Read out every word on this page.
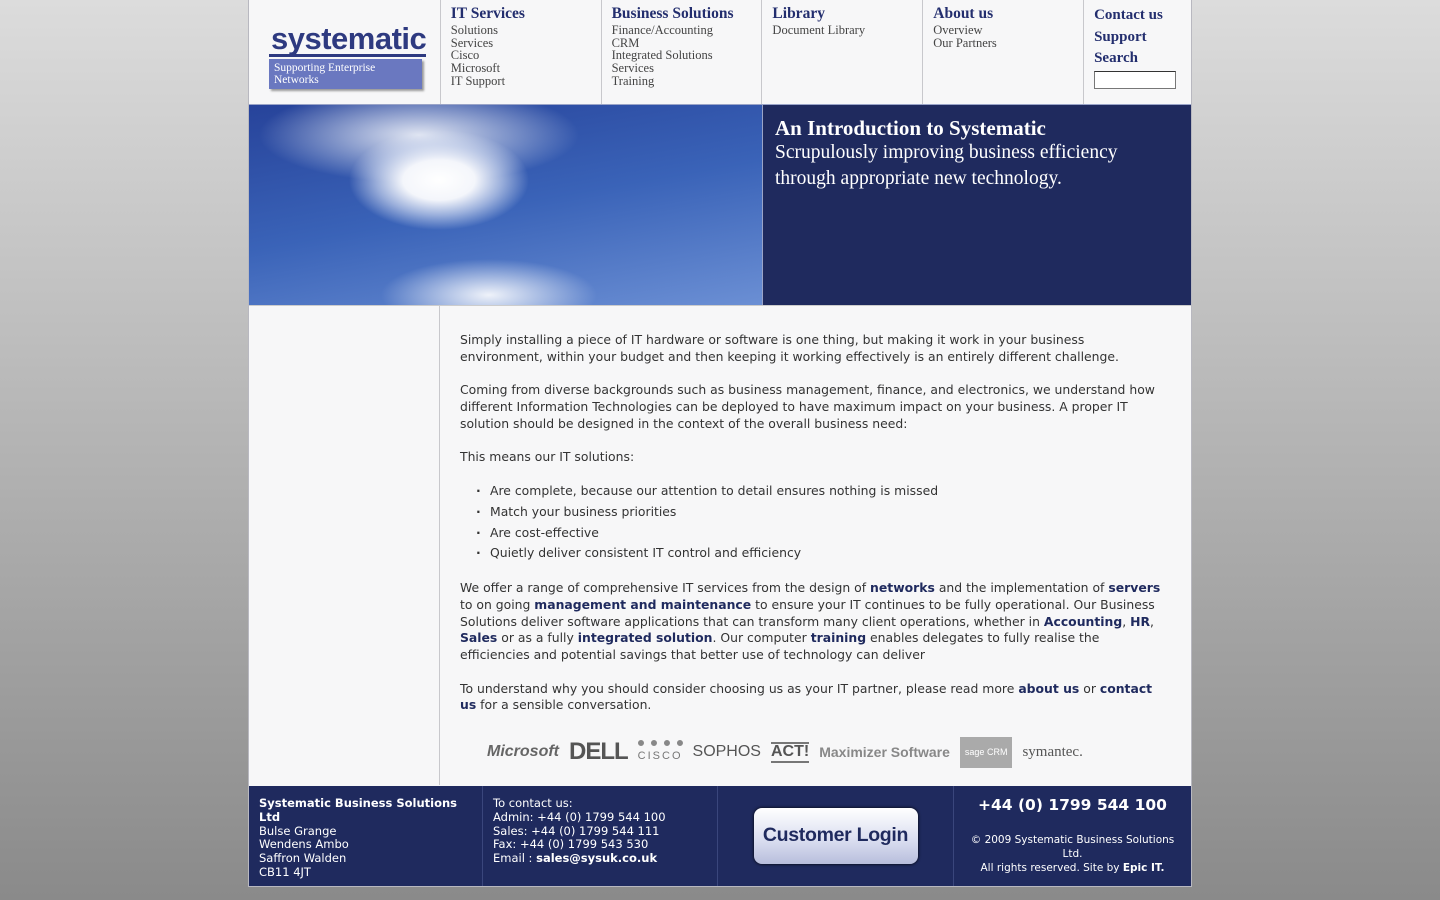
systematic
Supporting Enterprise Networks
IT Services
Solutions
Services
Cisco
Microsoft
IT Support
Business Solutions
Finance/Accounting
CRM
Integrated Solutions
Services
Training
Library
Document Library
About us
Overview
Our Partners
Contact us
Support
Search
An Introduction to Systematic

Scrupulously improving business efficiency through appropriate new technology.

Simply installing a piece of IT hardware or software is one thing, but making it work in your business environment, within your budget and then keeping it working effectively is an entirely different challenge.

Coming from diverse backgrounds such as business management, finance, and electronics, we understand how different Information Technologies can be deployed to have maximum impact on your business. A proper IT solution should be designed in the context of the overall business need:

This means our IT solutions:

· Are complete, because our attention to detail ensures nothing is missed
· Match your business priorities
· Are cost-effective
· Quietly deliver consistent IT control and efficiency

We offer a range of comprehensive IT services from the design of networks and the implementation of servers to on going management and maintenance to ensure your IT continues to be fully operational. Our Business Solutions deliver software applications that can transform many client operations, whether in Accounting, HR, Sales or as a fully integrated solution. Our computer training enables delegates to fully realise the efficiencies and potential savings that better use of technology can deliver

To understand why you should consider choosing us as your IT partner, please read more about us or contact us for a sensible conversation.

Microsoft DELL CISCO SOPHOS ACT! Maximizer Software	sage CRM	symantec.
Systematic Business Solutions Ltd
Bulse Grange
Wendens Ambo
Saffron Walden
CB11 4JT
To contact us:
Admin: +44 (0) 1799 544 100
Sales: +44 (0) 1799 544 111
Fax: +44 (0) 1799 543 530
Email : sales@sysuk.co.uk
Customer Login
+44 (0) 1799 544 100
© 2009 Systematic Business Solutions Ltd.
All rights reserved. Site by Epic IT.
